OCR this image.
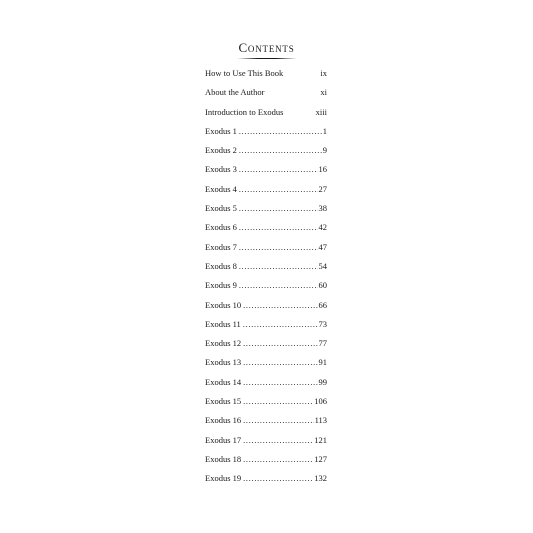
Contents
How to Use This Book	ix
About the Author	xi
Introduction to Exodus	xiii
Exodus 1 . . .	1
Exodus 2 . . .	9
Exodus 3 . . .	16
Exodus 4 . . .	27
Exodus 5 . . .	38
Exodus 6 . . .	42
Exodus 7 . . .	47
Exodus 8 . . .	54
Exodus 9 . . .	60
Exodus 10 . . .	66
Exodus 11 . . .	73
Exodus 12 . . .	77
Exodus 13 . . .	91
Exodus 14 . . .	99
Exodus 15 . . .	106
Exodus 16 . . .	113
Exodus 17 . . .	121
Exodus 18 . . .	127
Exodus 19 . . .	132
